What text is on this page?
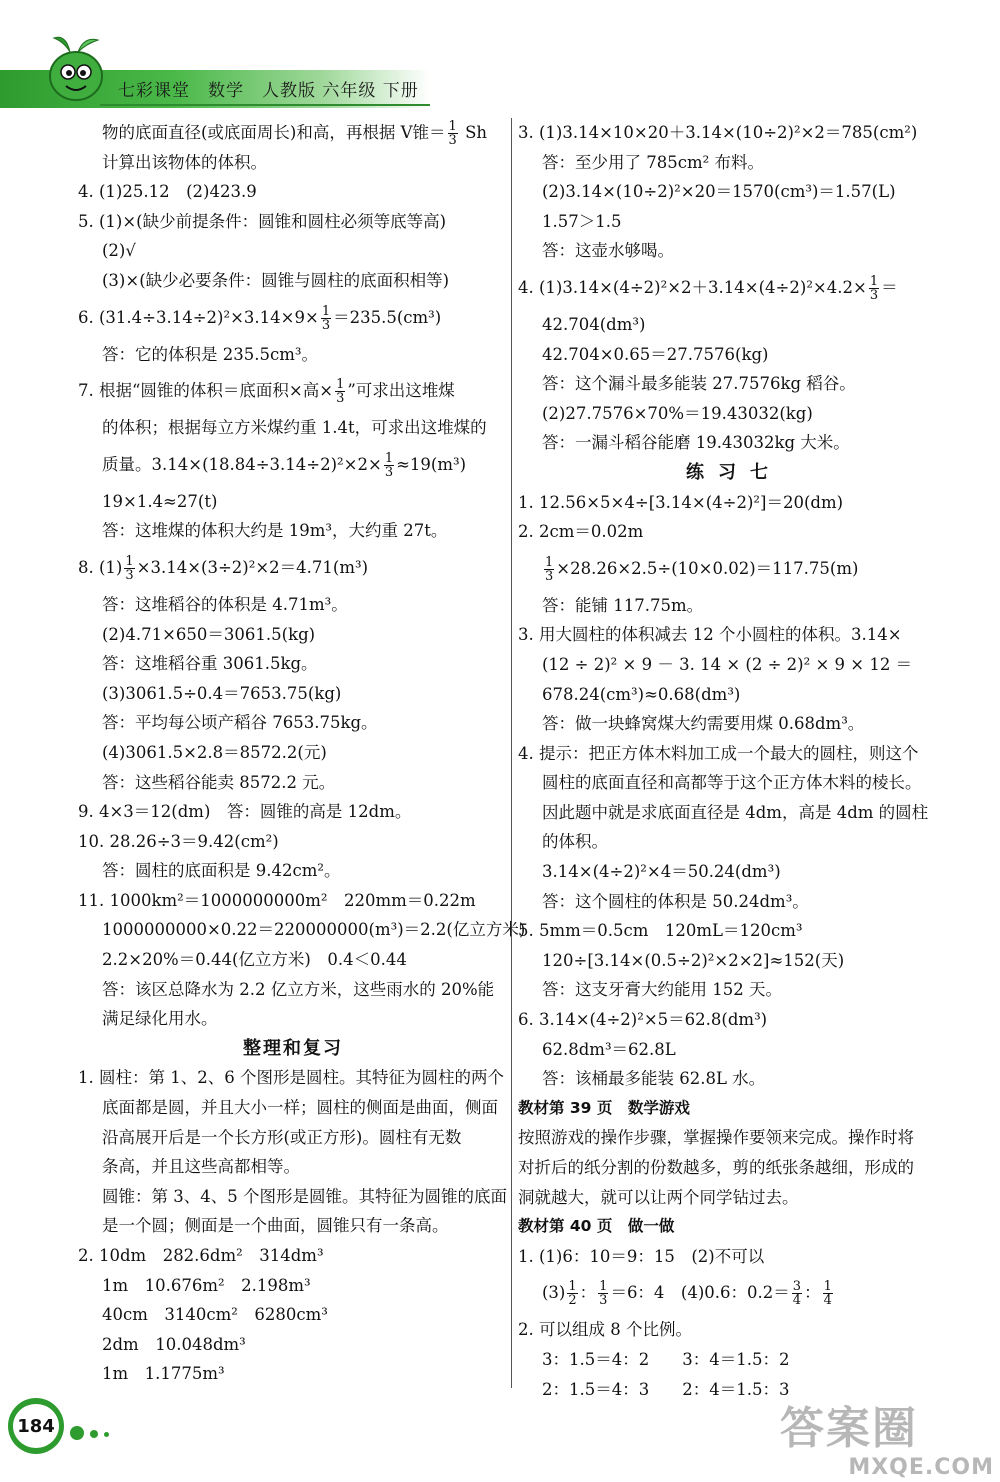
七彩课堂　数学　人教版 六年级 下册
物的底面直径(或底面周长)和高，再根据 V锥＝ $\frac{1}{3}$ Sh
计算出该物体的体积。
4. (1)25.12　(2)423.9
5. (1)×(缺少前提条件：圆锥和圆柱必须等底等高)
(2)√
(3)×(缺少必要条件：圆锥与圆柱的底面积相等)
6. $(31.4\div 3.14\div 2)^2\times 3.14\times 9\times \frac{1}{3} =235.5(cm^3)$
答：它的体积是 235.5cm³。
7. 根据“圆锥的体积＝底面积×高× $\frac{1}{3}$ ”可求出这堆煤
的体积；根据每立方米煤约重 1.4t，可求出这堆煤的
质量。$3.14\times(18.84\div 3.14\div 2)^2\times 2\times \frac{1}{3} \approx 19(m^3)$
19×1.4≈27(t)
答：这堆煤的体积大约是 19m³，大约重 27t。
8. $(1) \frac{1}{3} \times 3.14\times(3\div 2)^2\times 2=4.71(m^3)$
答：这堆稻谷的体积是 4.71m³。
(2)4.71×650＝3061.5(kg)
答：这堆稻谷重 3061.5kg。
(3)3061.5÷0.4＝7653.75(kg)
答：平均每公顷产稻谷 7653.75kg。
(4)3061.5×2.8＝8572.2(元)
答：这些稻谷能卖 8572.2 元。
9. 4×3＝12(dm)　答：圆锥的高是 12dm。
10. 28.26÷3＝9.42(cm²)
答：圆柱的底面积是 9.42cm²。
11. 1000km²＝1000000000m²　220mm＝0.22m
1000000000×0.22＝220000000(m³)＝2.2(亿立方米)
2.2×20%＝0.44(亿立方米)　0.4＜0.44
答：该区总降水为 2.2 亿立方米，这些雨水的 20%能
满足绿化用水。
整理和复习
1. 圆柱：第 1、2、6 个图形是圆柱。其特征为圆柱的两个
底面都是圆，并且大小一样；圆柱的侧面是曲面，侧面
沿高展开后是一个长方形(或正方形)。圆柱有无数
条高，并且这些高都相等。
圆锥：第 3、4、5 个图形是圆锥。其特征为圆锥的底面
是一个圆；侧面是一个曲面，圆锥只有一条高。
2. 10dm　282.6dm²　314dm³
1m　10.676m²　2.198m³
40cm　3140cm²　6280cm³
2dm　10.048dm³
1m　1.1775m³
3. (1)3.14×10×20＋3.14×(10÷2)²×2＝785(cm²)
答：至少用了 785cm² 布料。
(2)3.14×(10÷2)²×20＝1570(cm³)＝1.57(L)
1.57＞1.5
答：这壶水够喝。
4. $(1)3.14\times(4\div 2)^2\times 2+3.14\times(4\div 2)^2\times 4.2\times \frac{1}{3}$ ＝
42.704(dm³)
42.704×0.65＝27.7576(kg)
答：这个漏斗最多能装 27.7576kg 稻谷。
(2)27.7576×70%＝19.43032(kg)
答：一漏斗稻谷能磨 19.43032kg 大米。
练习七
1. 12.56×5×4÷[3.14×(4÷2)²]＝20(dm)
2. 2cm＝0.02m
$\frac{1}{3} \times 28.26\times 2.5\div(10\times 0.02)=117.75(m)$
答：能铺 117.75m。
3. 用大圆柱的体积减去 12 个小圆柱的体积。3.14×
(12 ÷ 2)² × 9 － 3. 14 × (2 ÷ 2)² × 9 × 12 ＝
678.24(cm³)≈0.68(dm³)
答：做一块蜂窝煤大约需要用煤 0.68dm³。
4. 提示：把正方体木料加工成一个最大的圆柱，则这个
圆柱的底面直径和高都等于这个正方体木料的棱长。
因此题中就是求底面直径是 4dm，高是 4dm 的圆柱
的体积。
3.14×(4÷2)²×4＝50.24(dm³)
答：这个圆柱的体积是 50.24dm³。
5. 5mm＝0.5cm　120mL＝120cm³
120÷[3.14×(0.5÷2)²×2×2]≈152(天)
答：这支牙膏大约能用 152 天。
6. 3.14×(4÷2)²×5＝62.8(dm³)
62.8dm³＝62.8L
答：该桶最多能装 62.8L 水。
教材第 39 页　数学游戏
按照游戏的操作步骤，掌握操作要领来完成。操作时将
对折后的纸分割的份数越多，剪的纸张条越细，形成的
洞就越大，就可以让两个同学钻过去。
教材第 40 页　做一做
1. (1)6：10＝9：15　(2)不可以
$(3) \frac{1}{2}$ ： $\frac{1}{3} =6$：4　(4)0.6：$0.2= \frac{3}{4}$ ： $\frac{1}{4}$
2. 可以组成 8 个比例。
3：1.5＝4：2　　3：4＝1.5：2
2：1.5＝4：3　　2：4＝1.5：3
184	答案圈
MXQE.COM
